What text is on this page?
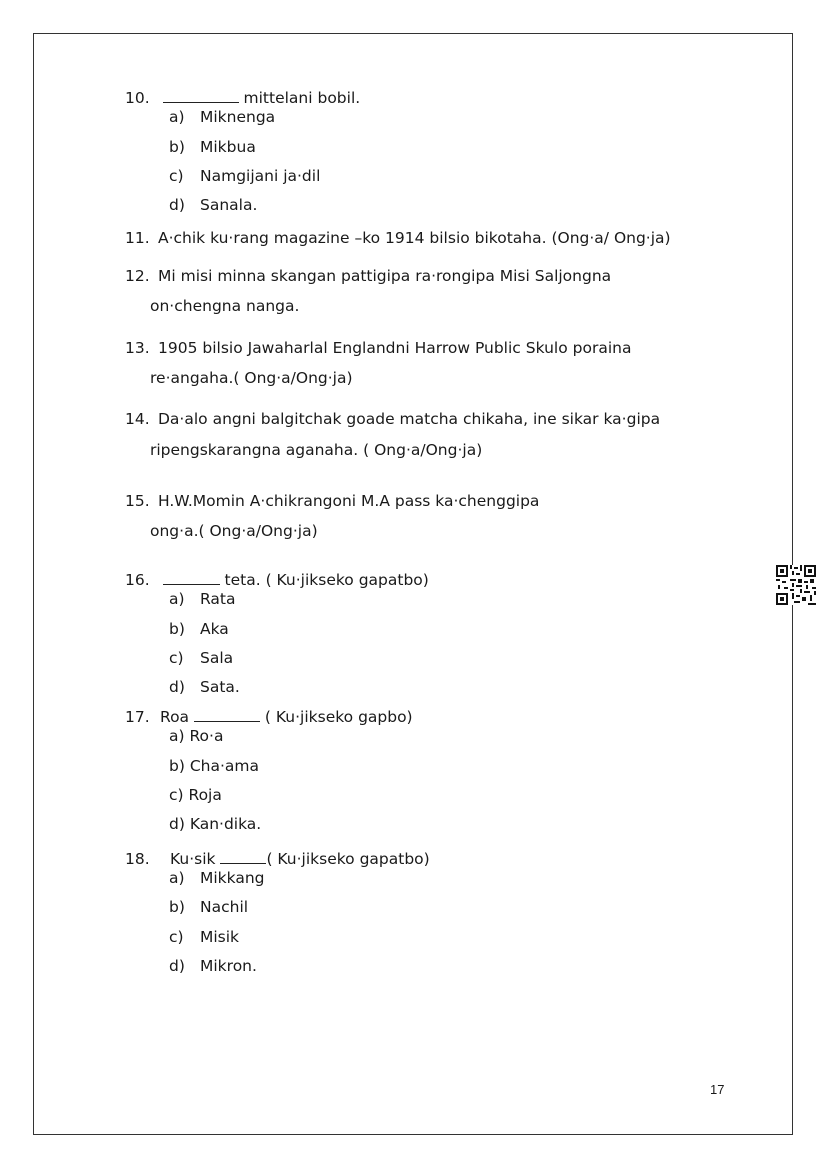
10.	mittelani bobil.
a) Miknenga
b) Mikbua
c) Namgijani ja·dil
d) Sanala.
11. A·chik ku·rang magazine –ko 1914 bilsio bikotaha. (Ong·a/ Ong·ja)
12. Mi misi minna skangan pattigipa ra·rongipa Misi Saljongna
on·chengna nanga.
13. 1905 bilsio Jawaharlal Englandni Harrow Public Skulo poraina
re·angaha.( Ong·a/Ong·ja)
14. Da·alo angni balgitchak goade matcha chikaha, ine sikar ka·gipa
ripengskarangna aganaha. ( Ong·a/Ong·ja)
15. H.W.Momin A·chikrangoni M.A pass ka·chenggipa
ong·a.( Ong·a/Ong·ja)
16.	teta. ( Ku·jikseko gapatbo)
a) Rata
b) Aka
c) Sala
d) Sata.
17. Roa	( Ku·jikseko gapbo)
a) Ro·a
b) Cha·ama
c) Roja
d) Kan·dika.
18. Ku·sik	( Ku·jikseko gapatbo)
a) Mikkang
b) Nachil
c) Misik
d) Mikron.
17
